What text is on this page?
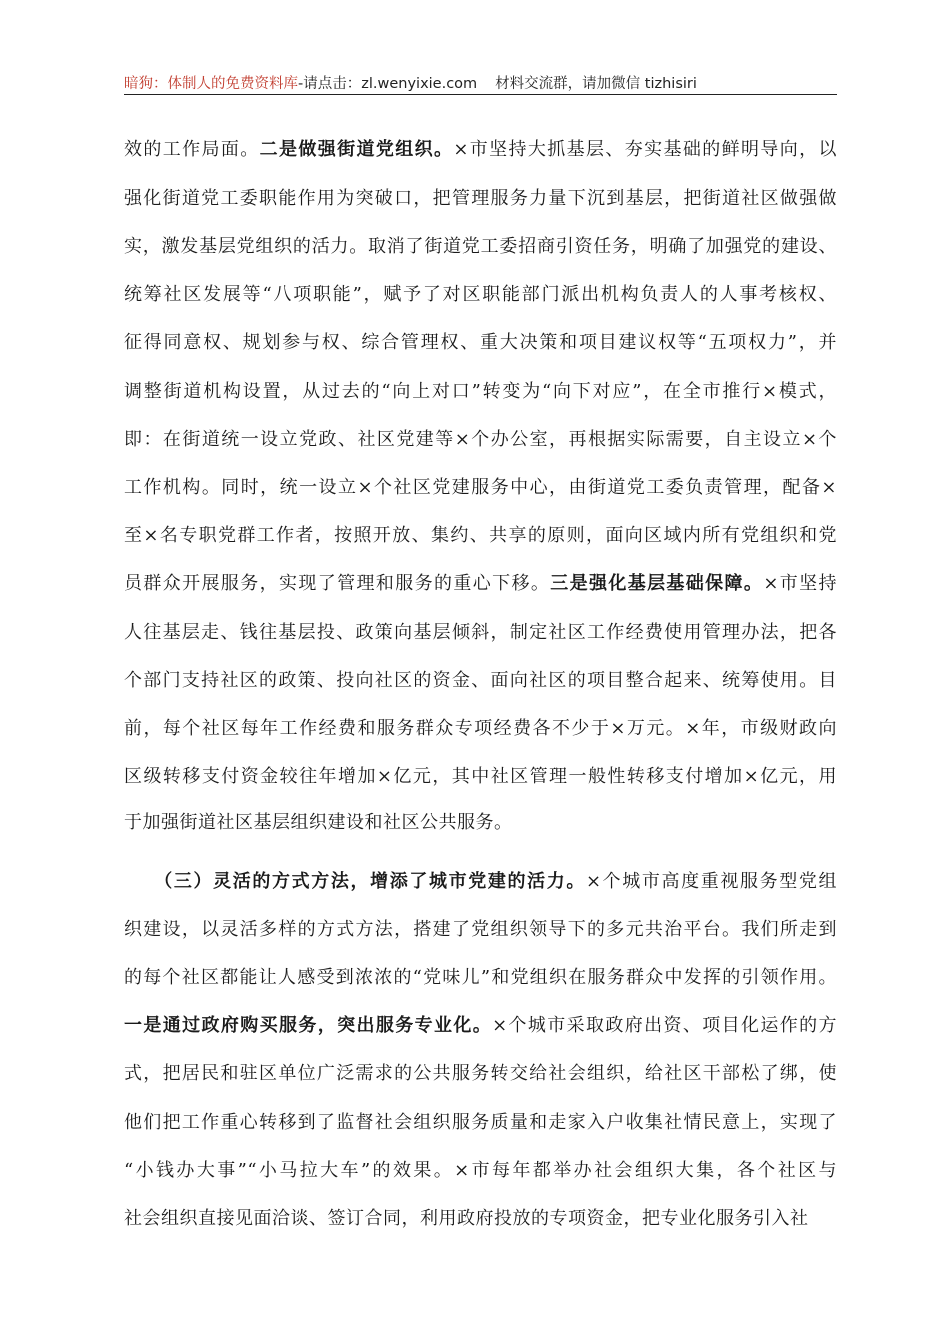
暗狗：体制人的免费资料库-请点击：zl.wenyixie.com 材料交流群，请加微信 tizhisiri
效的工作局面。二是做强街道党组织。×市坚持大抓基层、夯实基础的鲜明导向，以
强化街道党工委职能作用为突破口，把管理服务力量下沉到基层，把街道社区做强做
实，激发基层党组织的活力。取消了街道党工委招商引资任务，明确了加强党的建设、
统筹社区发展等“八项职能”，赋予了对区职能部门派出机构负责人的人事考核权、
征得同意权、规划参与权、综合管理权、重大决策和项目建议权等“五项权力”，并
调整街道机构设置，从过去的“向上对口”转变为“向下对应”，在全市推行×模式，
即：在街道统一设立党政、社区党建等×个办公室，再根据实际需要，自主设立×个
工作机构。同时，统一设立×个社区党建服务中心，由街道党工委负责管理，配备×
至×名专职党群工作者，按照开放、集约、共享的原则，面向区域内所有党组织和党
员群众开展服务，实现了管理和服务的重心下移。三是强化基层基础保障。×市坚持
人往基层走、钱往基层投、政策向基层倾斜，制定社区工作经费使用管理办法，把各
个部门支持社区的政策、投向社区的资金、面向社区的项目整合起来、统筹使用。目
前，每个社区每年工作经费和服务群众专项经费各不少于×万元。×年，市级财政向
区级转移支付资金较往年增加×亿元，其中社区管理一般性转移支付增加×亿元，用
于加强街道社区基层组织建设和社区公共服务。
　　（三）灵活的方式方法，增添了城市党建的活力。×个城市高度重视服务型党组
织建设，以灵活多样的方式方法，搭建了党组织领导下的多元共治平台。我们所走到
的每个社区都能让人感受到浓浓的“党味儿”和党组织在服务群众中发挥的引领作用。
一是通过政府购买服务，突出服务专业化。×个城市采取政府出资、项目化运作的方
式，把居民和驻区单位广泛需求的公共服务转交给社会组织，给社区干部松了绑，使
他们把工作重心转移到了监督社会组织服务质量和走家入户收集社情民意上，实现了
“小钱办大事”“小马拉大车”的效果。×市每年都举办社会组织大集，各个社区与
社会组织直接见面洽谈、签订合同，利用政府投放的专项资金，把专业化服务引入社
